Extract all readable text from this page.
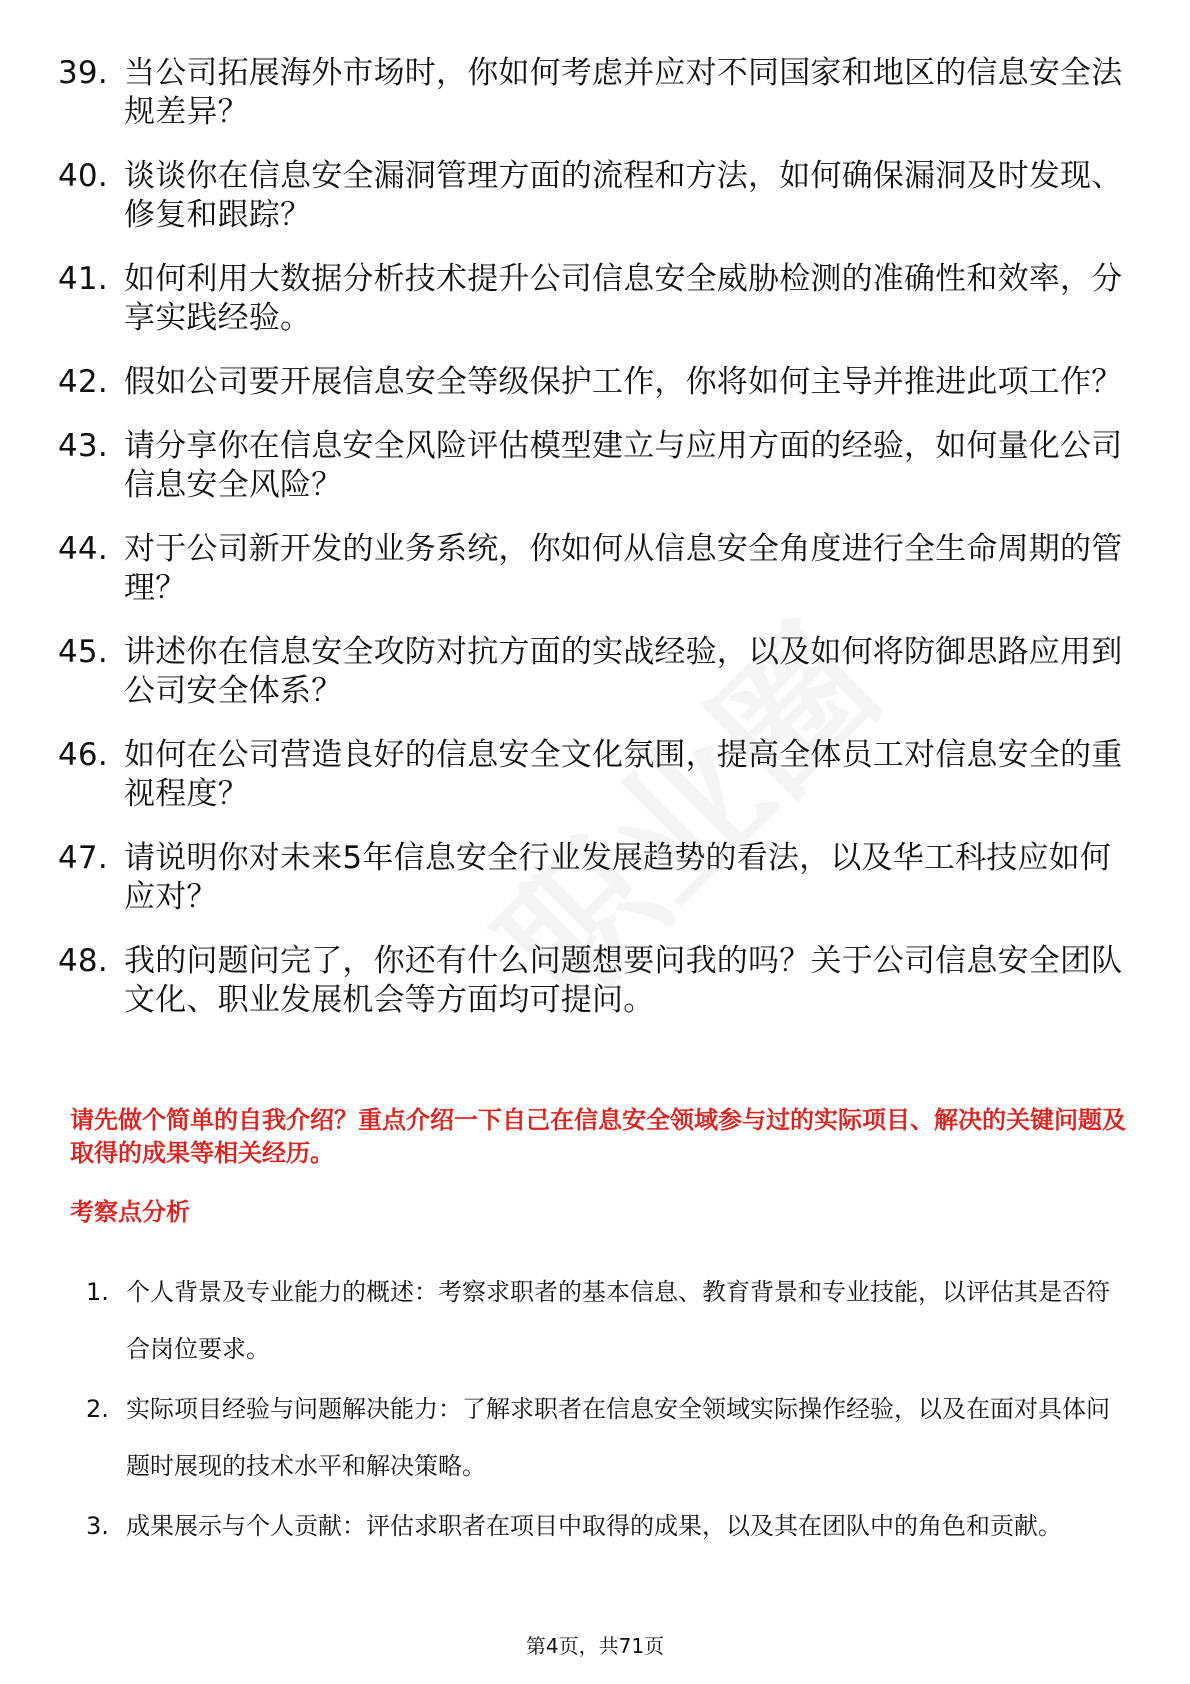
39. 当公司拓展海外市场时，你如何考虑并应对不同国家和地区的信息安全法规差异？
40. 谈谈你在信息安全漏洞管理方面的流程和方法，如何确保漏洞及时发现、修复和跟踪？
41. 如何利用大数据分析技术提升公司信息安全威胁检测的准确性和效率，分享实践经验。
42. 假如公司要开展信息安全等级保护工作，你将如何主导并推进此项工作？
43. 请分享你在信息安全风险评估模型建立与应用方面的经验，如何量化公司信息安全风险？
44. 对于公司新开发的业务系统，你如何从信息安全角度进行全生命周期的管理？
45. 讲述你在信息安全攻防对抗方面的实战经验，以及如何将防御思路应用到公司安全体系？
46. 如何在公司营造良好的信息安全文化氛围，提高全体员工对信息安全的重视程度？
47. 请说明你对未来5年信息安全行业发展趋势的看法，以及华工科技应如何应对？
48. 我的问题问完了，你还有什么问题想要问我的吗？关于公司信息安全团队文化、职业发展机会等方面均可提问。

请先做个简单的自我介绍？重点介绍一下自己在信息安全领域参与过的实际项目、解决的关键问题及取得的成果等相关经历。

考察点分析
1. 个人背景及专业能力的概述：考察求职者的基本信息、教育背景和专业技能，以评估其是否符合岗位要求。
2. 实际项目经验与问题解决能力：了解求职者在信息安全领域实际操作经验，以及在面对具体问题时展现的技术水平和解决策略。
3. 成果展示与个人贡献：评估求职者在项目中取得的成果，以及其在团队中的角色和贡献。
第4页，共71页
